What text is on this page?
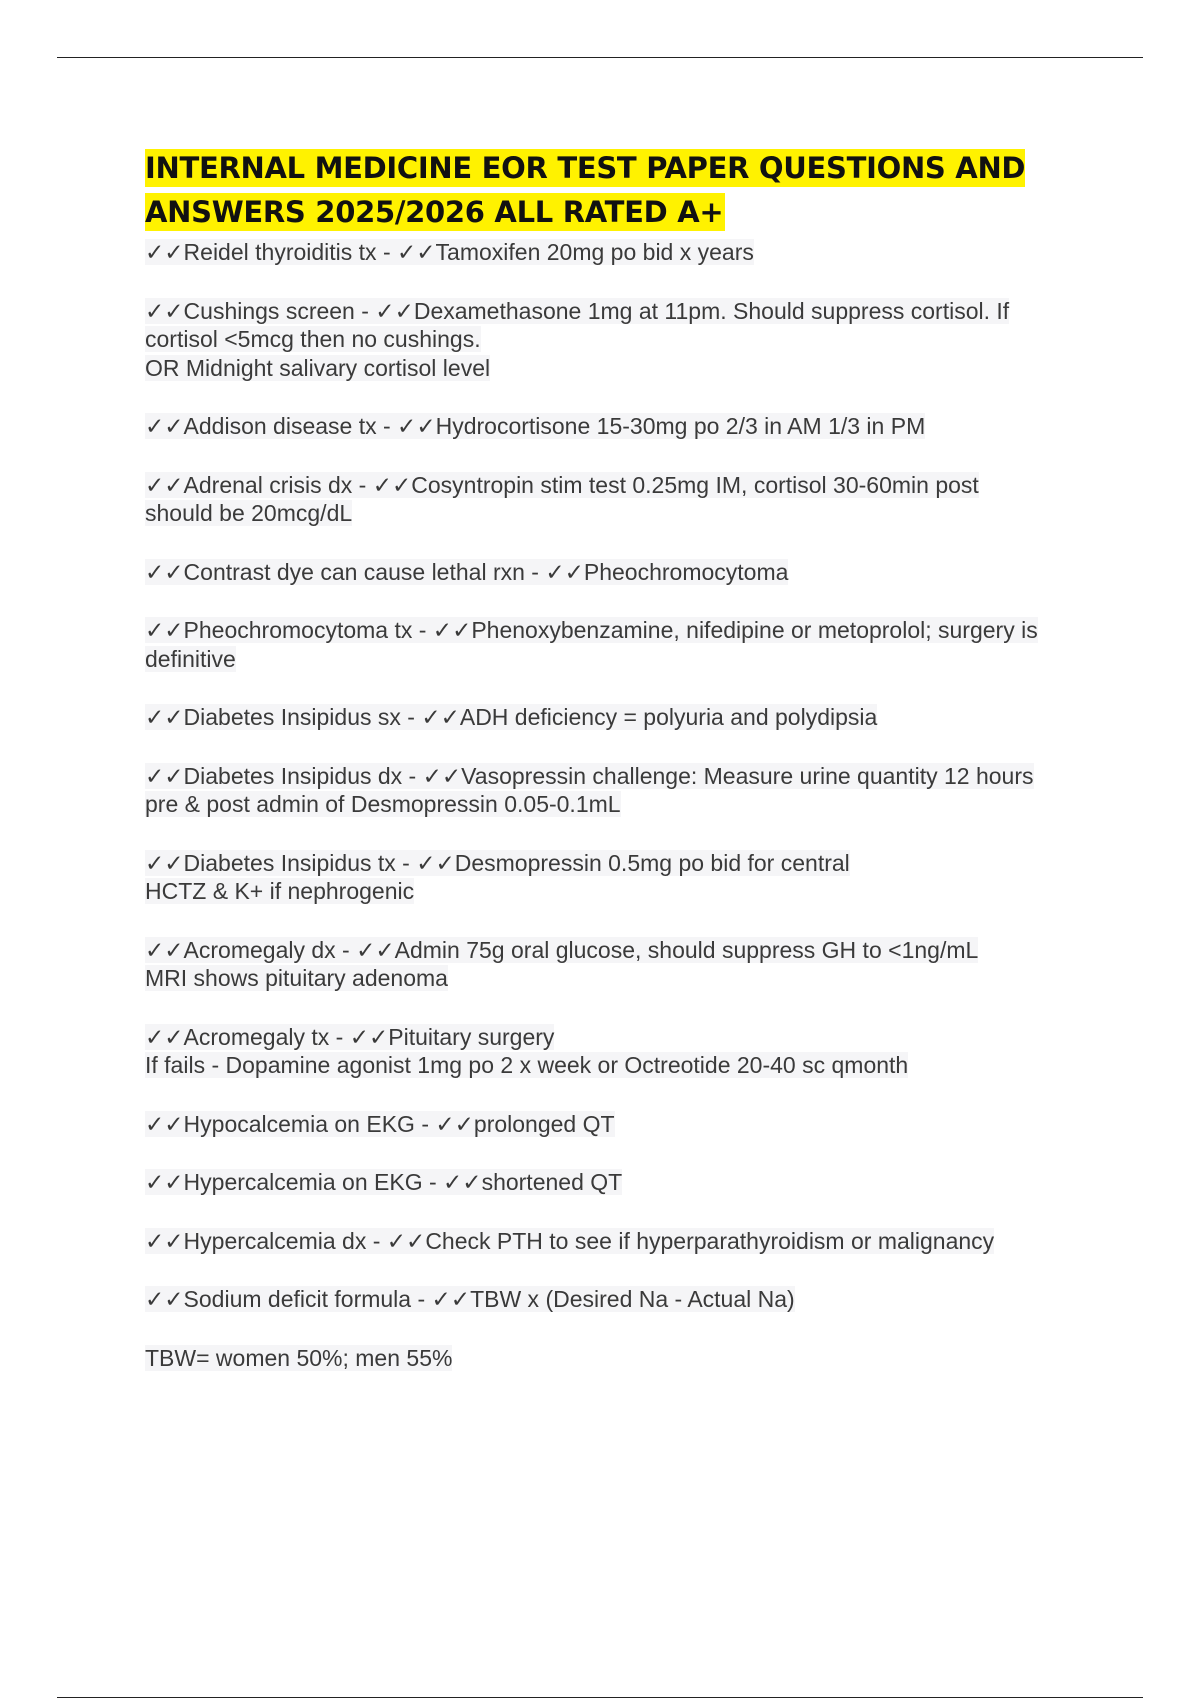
INTERNAL MEDICINE EOR TEST PAPER QUESTIONS AND ANSWERS 2025/2026 ALL RATED A+
✓✓Reidel thyroiditis tx - ✓✓Tamoxifen 20mg po bid x years
✓✓Cushings screen - ✓✓Dexamethasone 1mg at 11pm. Should suppress cortisol. If
cortisol <5mcg then no cushings.
OR Midnight salivary cortisol level
✓✓Addison disease tx - ✓✓Hydrocortisone 15-30mg po 2/3 in AM 1/3 in PM
✓✓Adrenal crisis dx - ✓✓Cosyntropin stim test 0.25mg IM, cortisol 30-60min post
should be 20mcg/dL
✓✓Contrast dye can cause lethal rxn - ✓✓Pheochromocytoma
✓✓Pheochromocytoma tx - ✓✓Phenoxybenzamine, nifedipine or metoprolol; surgery is
definitive
✓✓Diabetes Insipidus sx - ✓✓ADH deficiency = polyuria and polydipsia
✓✓Diabetes Insipidus dx - ✓✓Vasopressin challenge: Measure urine quantity 12 hours
pre & post admin of Desmopressin 0.05-0.1mL
✓✓Diabetes Insipidus tx - ✓✓Desmopressin 0.5mg po bid for central
HCTZ & K+ if nephrogenic
✓✓Acromegaly dx - ✓✓Admin 75g oral glucose, should suppress GH to <1ng/mL
MRI shows pituitary adenoma
✓✓Acromegaly tx - ✓✓Pituitary surgery
If fails - Dopamine agonist 1mg po 2 x week or Octreotide 20-40 sc qmonth
✓✓Hypocalcemia on EKG - ✓✓prolonged QT
✓✓Hypercalcemia on EKG - ✓✓shortened QT
✓✓Hypercalcemia dx - ✓✓Check PTH to see if hyperparathyroidism or malignancy
✓✓Sodium deficit formula - ✓✓TBW x (Desired Na - Actual Na)
TBW= women 50%; men 55%
